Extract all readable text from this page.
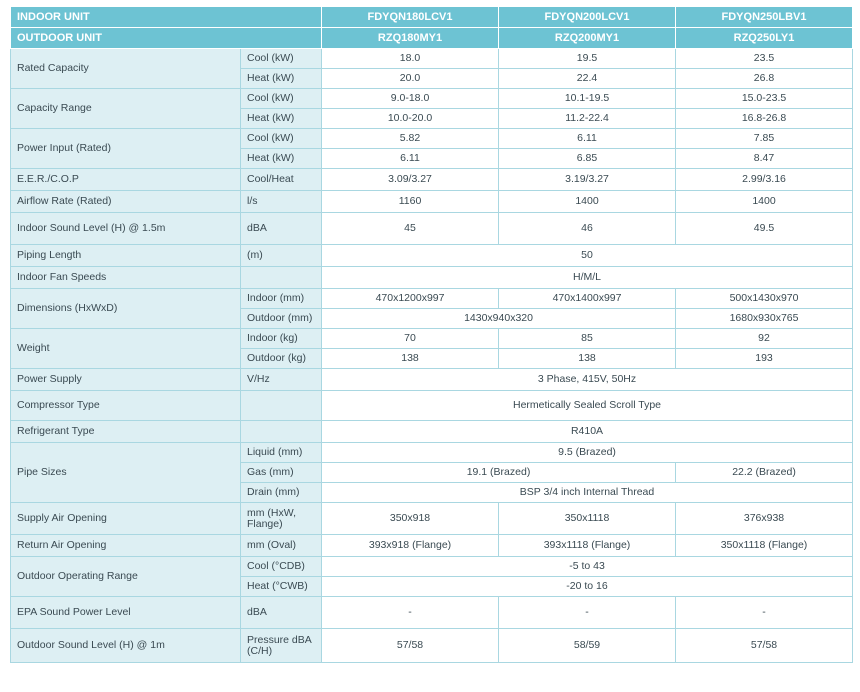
INDOOR UNIT		FDYQN180LCV1	FDYQN200LCV1	FDYQN250LBV1
OUTDOOR UNIT		RZQ180MY1	RZQ200MY1	RZQ250LY1
Rated Capacity	Cool (kW)	18.0	19.5	23.5
	Heat (kW)	20.0	22.4	26.8
Capacity Range	Cool (kW)	9.0-18.0	10.1-19.5	15.0-23.5
	Heat (kW)	10.0-20.0	11.2-22.4	16.8-26.8
Power Input (Rated)	Cool (kW)	5.82	6.11	7.85
	Heat (kW)	6.11	6.85	8.47
E.E.R./C.O.P	Cool/Heat	3.09/3.27	3.19/3.27	2.99/3.16
Airflow Rate (Rated)	l/s	1160	1400	1400
Indoor Sound Level (H) @ 1.5m	dBA	45	46	49.5
Piping Length	(m)	50		
Indoor Fan Speeds		H/M/L		
Dimensions (HxWxD)	Indoor (mm)	470x1200x997	470x1400x997	500x1430x970
	Outdoor (mm)	1430x940x320		1680x930x765
Weight	Indoor (kg)	70	85	92
	Outdoor (kg)	138	138	193
Power Supply	V/Hz	3 Phase, 415V, 50Hz		
Compressor Type		Hermetically Sealed Scroll Type		
Refrigerant Type		R410A		
Pipe Sizes	Liquid (mm)	9.5 (Brazed)		
	Gas (mm)	19.1 (Brazed)		22.2 (Brazed)
	Drain (mm)	BSP 3/4 inch Internal Thread		
Supply Air Opening	mm (HxW, Flange)	350x918	350x1118	376x938
Return Air Opening	mm (Oval)	393x918 (Flange)	393x1118 (Flange)	350x1118 (Flange)
Outdoor Operating Range	Cool (°CDB)	-5 to 43		
	Heat (°CWB)	-20 to 16		
EPA Sound Power Level	dBA	-	-	-
Outdoor Sound Level (H) @ 1m	Pressure dBA (C/H)	57/58	58/59	57/58
